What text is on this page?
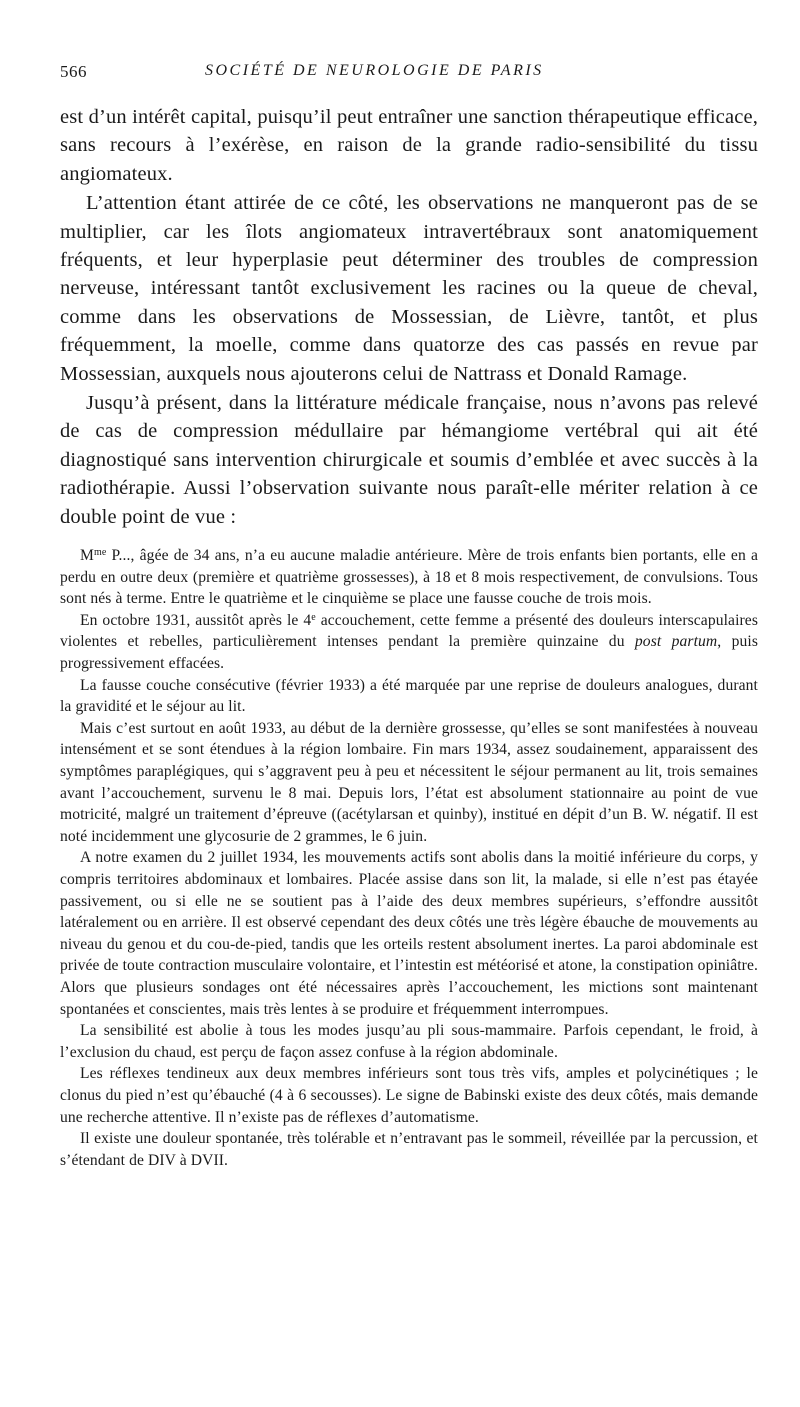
566	SOCIÉTÉ DE NEUROLOGIE DE PARIS

est d’un intérêt capital, puisqu’il peut entraîner une sanction thérapeutique efficace, sans recours à l’exérèse, en raison de la grande radio-sensibilité du tissu angiomateux.

L’attention étant attirée de ce côté, les observations ne manqueront pas de se multiplier, car les îlots angiomateux intravertébraux sont anatomiquement fréquents, et leur hyperplasie peut déterminer des troubles de compression nerveuse, intéressant tantôt exclusivement les racines ou la queue de cheval, comme dans les observations de Mossessian, de Lièvre, tantôt, et plus fréquemment, la moelle, comme dans quatorze des cas passés en revue par Mossessian, auxquels nous ajouterons celui de Nattrass et Donald Ramage.

Jusqu’à présent, dans la littérature médicale française, nous n’avons pas relevé de cas de compression médullaire par hémangiome vertébral qui ait été diagnostiqué sans intervention chirurgicale et soumis d’emblée et avec succès à la radiothérapie. Aussi l’observation suivante nous paraît-elle mériter relation à ce double point de vue :

$M^{me}$ P..., âgée de 34 ans, n’a eu aucune maladie antérieure. Mère de trois enfants bien portants, elle en a perdu en outre deux (première et quatrième grossesses), à 18 et 8 mois respectivement, de convulsions. Tous sont nés à terme. Entre le quatrième et le cinquième se place une fausse couche de trois mois.

En octobre 1931, aussitôt après le 4e accouchement, cette femme a présenté des douleurs interscapulaires violentes et rebelles, particulièrement intenses pendant la première quinzaine du post partum, puis progressivement effacées.

La fausse couche consécutive (février 1933) a été marquée par une reprise de douleurs analogues, durant la gravidité et le séjour au lit.

Mais c’est surtout en août 1933, au début de la dernière grossesse, qu’elles se sont manifestées à nouveau intensément et se sont étendues à la région lombaire. Fin mars 1934, assez soudainement, apparaissent des symptômes paraplégiques, qui s’aggravent peu à peu et nécessitent le séjour permanent au lit, trois semaines avant l’accouchement, survenu le 8 mai. Depuis lors, l’état est absolument stationnaire au point de vue motricité, malgré un traitement d’épreuve ((acétylarsan et quinby), institué en dépit d’un B. W. négatif. Il est noté incidemment une glycosurie de 2 grammes, le 6 juin.

A notre examen du 2 juillet 1934, les mouvements actifs sont abolis dans la moitié inférieure du corps, y compris territoires abdominaux et lombaires. Placée assise dans son lit, la malade, si elle n’est pas étayée passivement, ou si elle ne se soutient pas à l’aide des deux membres supérieurs, s’effondre aussitôt latéralement ou en arrière. Il est observé cependant des deux côtés une très légère ébauche de mouvements au niveau du genou et du cou-de-pied, tandis que les orteils restent absolument inertes. La paroi abdominale est privée de toute contraction musculaire volontaire, et l’intestin est météorisé et atone, la constipation opiniâtre. Alors que plusieurs sondages ont été nécessaires après l’accouchement, les mictions sont maintenant spontanées et conscientes, mais très lentes à se produire et fréquemment interrompues.

La sensibilité est abolie à tous les modes jusqu’au pli sous-mammaire. Parfois cependant, le froid, à l’exclusion du chaud, est perçu de façon assez confuse à la région abdominale.

Les réflexes tendineux aux deux membres inférieurs sont tous très vifs, amples et polycinétiques ; le clonus du pied n’est qu’ébauché (4 à 6 secousses). Le signe de Babinski existe des deux côtés, mais demande une recherche attentive. Il n’existe pas de réflexes d’automatisme.

Il existe une douleur spontanée, très tolérable et n’entravant pas le sommeil, réveillée par la percussion, et s’étendant de DIV à DVII.
